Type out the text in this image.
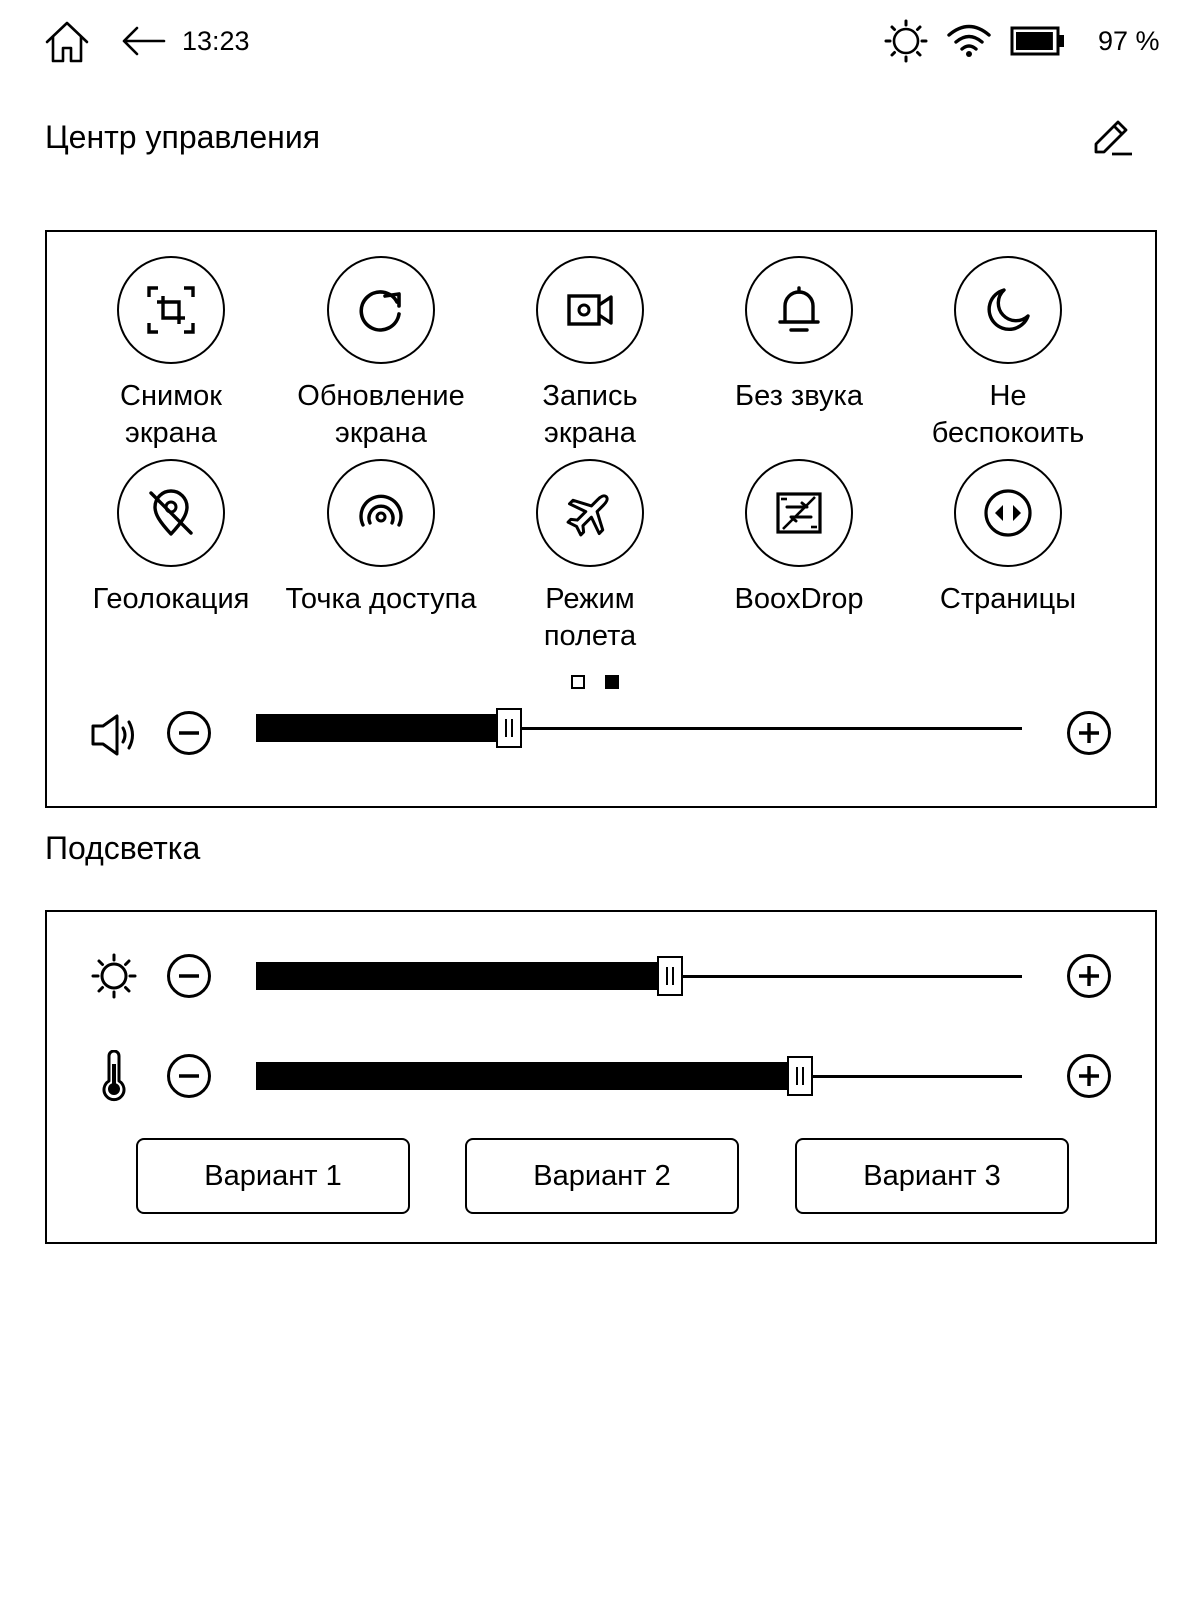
13:23	97 %
Центр управления
Снимок
экрана
Обновление
экрана
Запись
экрана
Без звука	Не
беспокоить
Геолокация	Точка доступа	Режим
полета
BooxDrop	Страницы
Подсветка
Вариант 1	Вариант 2	Вариант 3
